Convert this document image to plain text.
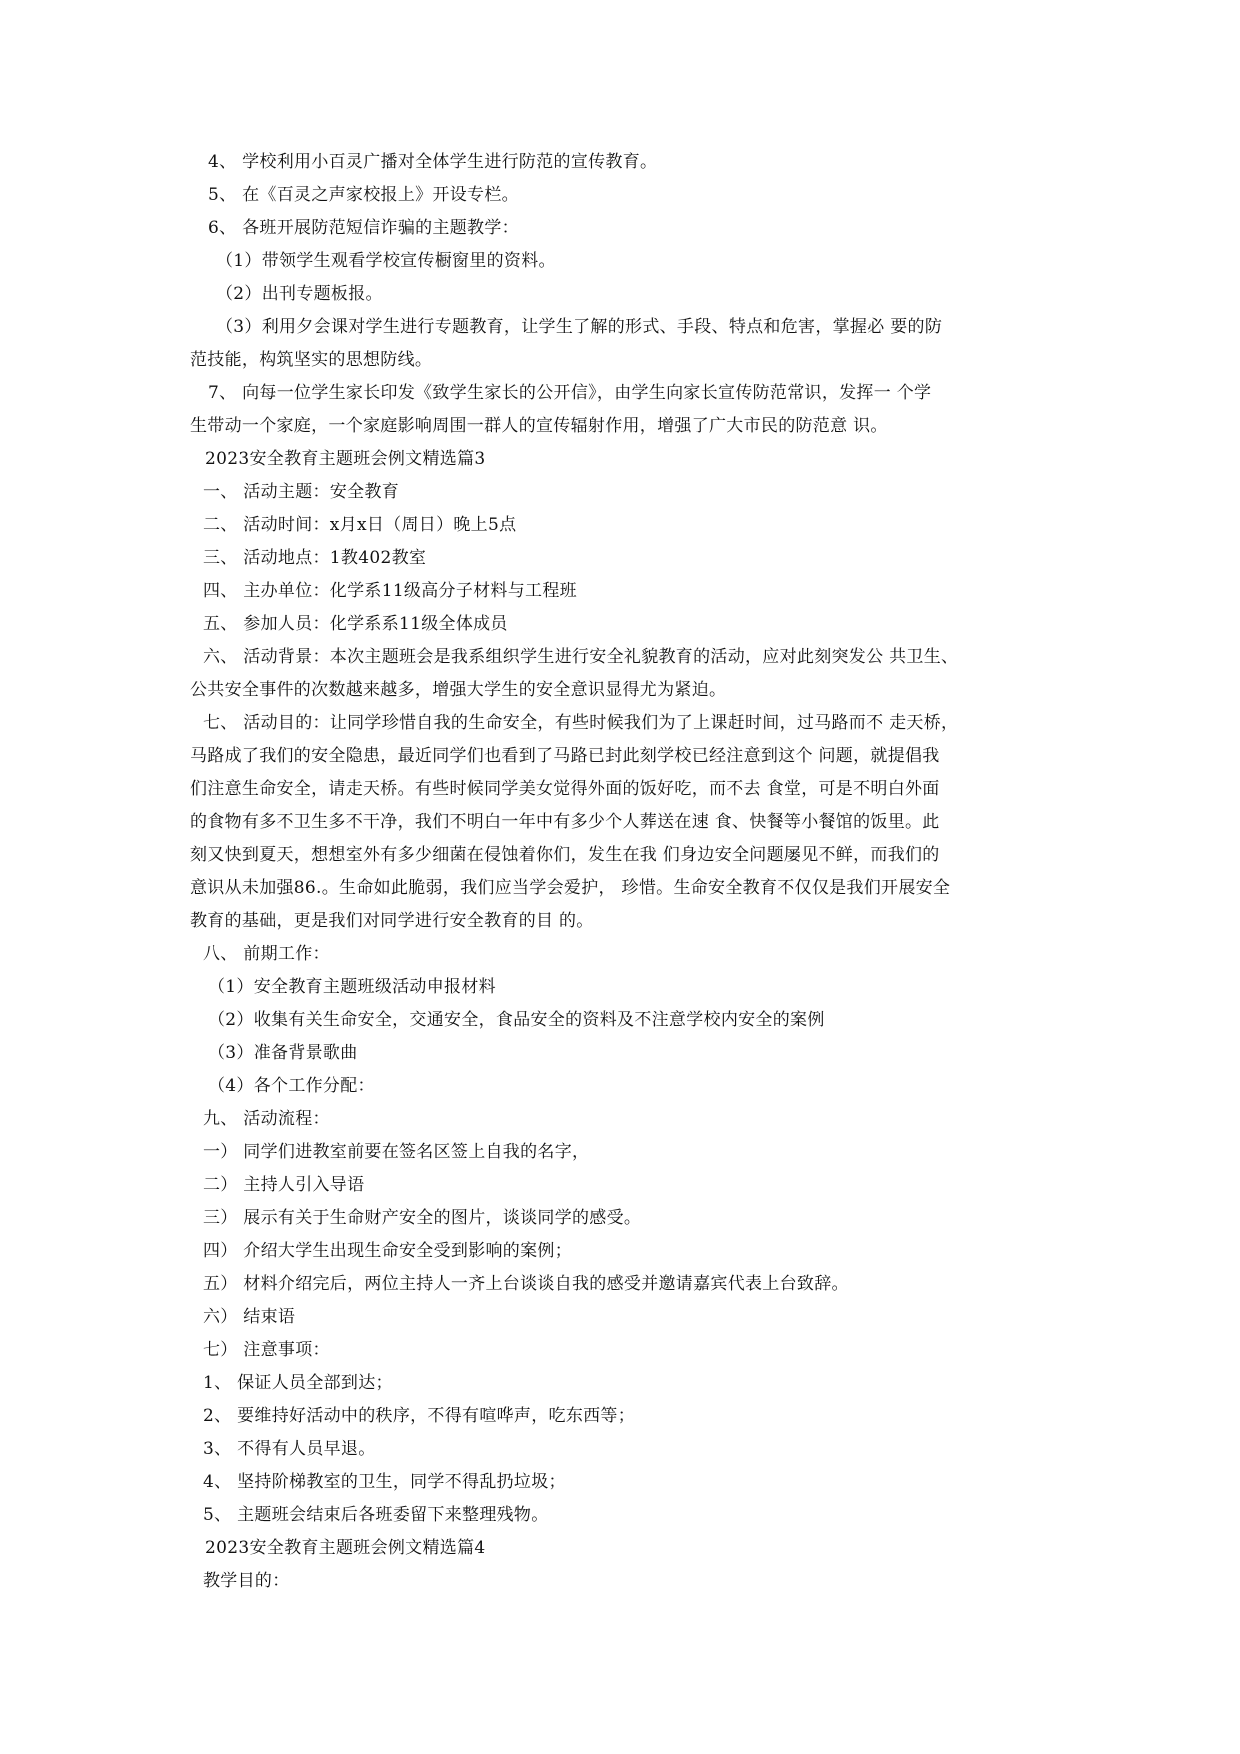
4、 学校利用小百灵广播对全体学生进行防范的宣传教育。
5、 在《百灵之声家校报上》开设专栏。
6、 各班开展防范短信诈骗的主题教学：
（1）带领学生观看学校宣传橱窗里的资料。
（2）出刊专题板报。
（3）利用夕会课对学生进行专题教育，让学生了解的形式、手段、特点和危害，掌握必 要的防
范技能，构筑坚实的思想防线。
7、 向每一位学生家长印发《致学生家长的公开信》，由学生向家长宣传防范常识，发挥一 个学
生带动一个家庭，一个家庭影响周围一群人的宣传辐射作用，增强了广大市民的防范意 识。
2023安全教育主题班会例文精选篇3
一、 活动主题：安全教育
二、 活动时间：x月x日（周日）晚上5点
三、 活动地点：1教402教室
四、 主办单位：化学系11级高分子材料与工程班
五、 参加人员：化学系系11级全体成员
六、 活动背景：本次主题班会是我系组织学生进行安全礼貌教育的活动，应对此刻突发公 共卫生、
公共安全事件的次数越来越多，增强大学生的安全意识显得尤为紧迫。
七、 活动目的：让同学珍惜自我的生命安全，有些时候我们为了上课赶时间，过马路而不 走天桥，
马路成了我们的安全隐患，最近同学们也看到了马路已封此刻学校已经注意到这个 问题，就提倡我
们注意生命安全，请走天桥。有些时候同学美女觉得外面的饭好吃，而不去 食堂，可是不明白外面
的食物有多不卫生多不干净，我们不明白一年中有多少个人葬送在速 食、快餐等小餐馆的饭里。此
刻又快到夏天，想想室外有多少细菌在侵蚀着你们，发生在我 们身边安全问题屡见不鲜，而我们的
意识从未加强86.。生命如此脆弱，我们应当学会爱护， 珍惜。生命安全教育不仅仅是我们开展安全
教育的基础，更是我们对同学进行安全教育的目 的。
八、 前期工作：
（1）安全教育主题班级活动申报材料
（2）收集有关生命安全，交通安全，食品安全的资料及不注意学校内安全的案例
（3）准备背景歌曲
（4）各个工作分配：
九、 活动流程：
一） 同学们进教室前要在签名区签上自我的名字，
二） 主持人引入导语
三） 展示有关于生命财产安全的图片，谈谈同学的感受。
四） 介绍大学生出现生命安全受到影响的案例；
五） 材料介绍完后，两位主持人一齐上台谈谈自我的感受并邀请嘉宾代表上台致辞。
六） 结束语
七） 注意事项：
1、 保证人员全部到达；
2、 要维持好活动中的秩序，不得有喧哗声，吃东西等；
3、 不得有人员早退。
4、 坚持阶梯教室的卫生，同学不得乱扔垃圾；
5、 主题班会结束后各班委留下来整理残物。
2023安全教育主题班会例文精选篇4
教学目的：
